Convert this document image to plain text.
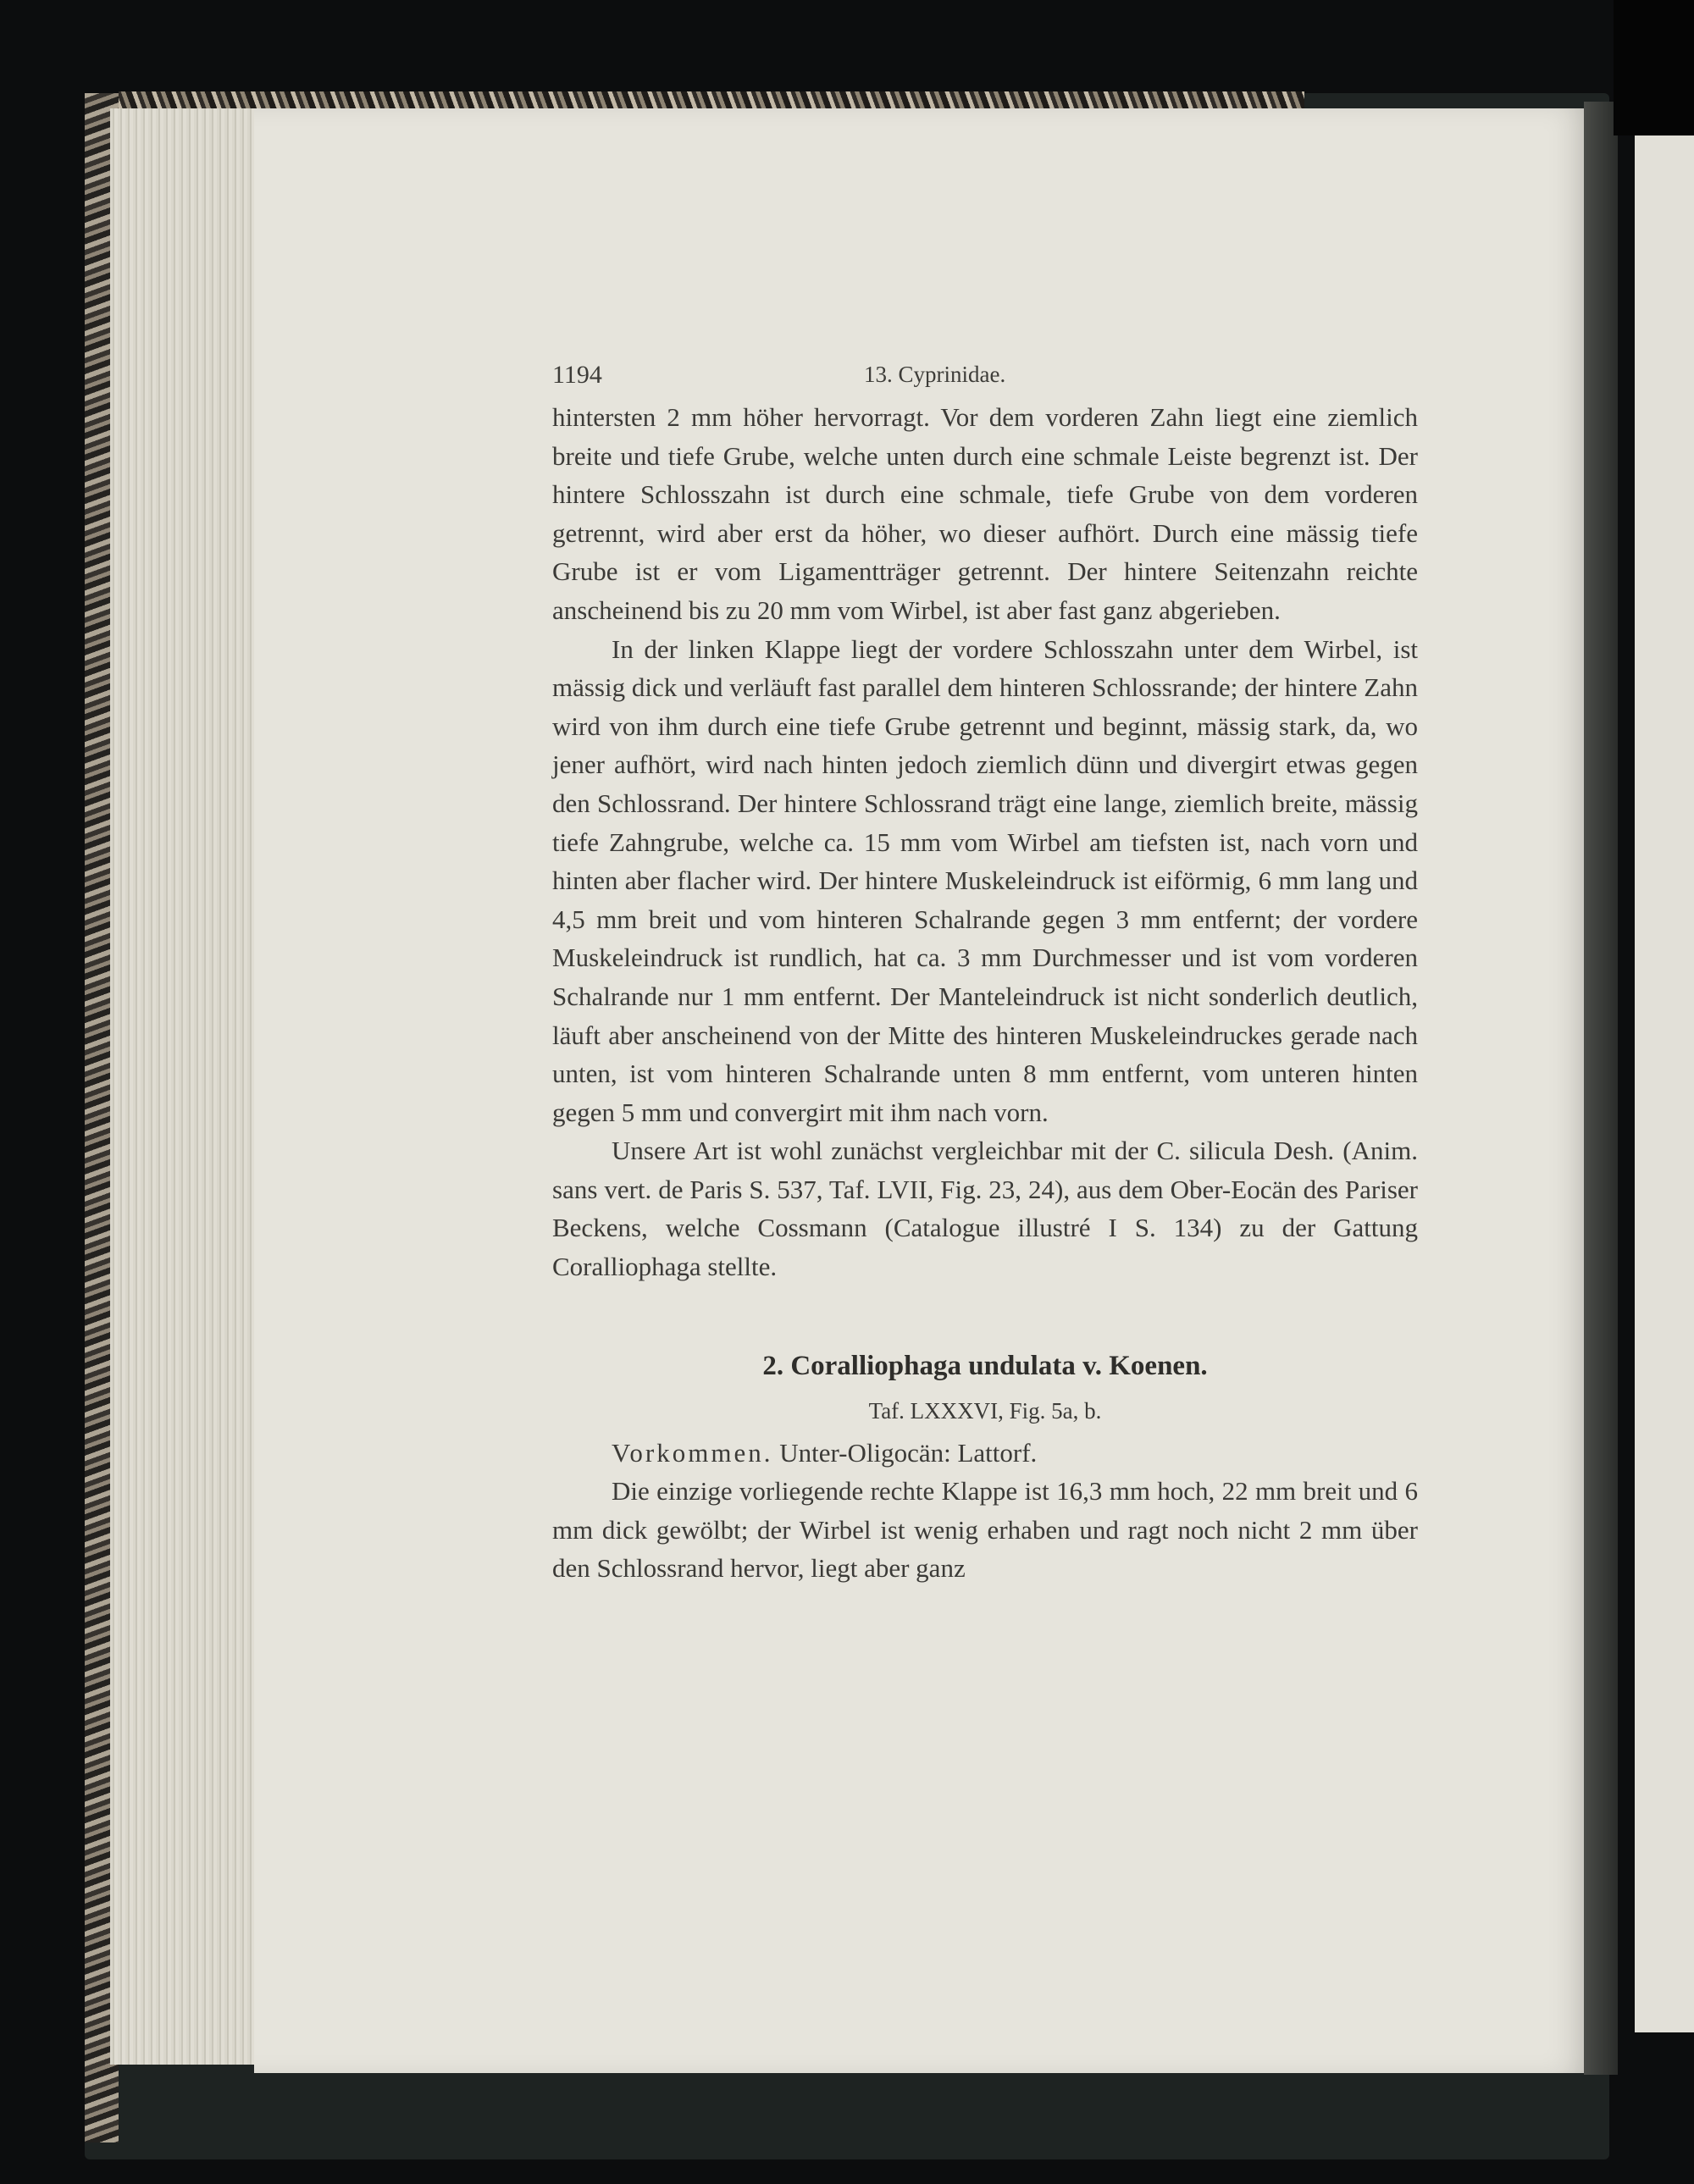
1194	13. Cyprinidae.

hintersten 2 mm höher hervorragt. Vor dem vorderen Zahn liegt eine ziemlich breite und tiefe Grube, welche unten durch eine schmale Leiste begrenzt ist. Der hintere Schlosszahn ist durch eine schmale, tiefe Grube von dem vorderen getrennt, wird aber erst da höher, wo dieser aufhört. Durch eine mässig tiefe Grube ist er vom Ligamentträger getrennt. Der hintere Seitenzahn reichte anscheinend bis zu 20 mm vom Wirbel, ist aber fast ganz abgerieben.

In der linken Klappe liegt der vordere Schlosszahn unter dem Wirbel, ist mässig dick und verläuft fast parallel dem hinteren Schlossrande; der hintere Zahn wird von ihm durch eine tiefe Grube getrennt und beginnt, mässig stark, da, wo jener aufhört, wird nach hinten jedoch ziemlich dünn und divergirt etwas gegen den Schlossrand. Der hintere Schlossrand trägt eine lange, ziemlich breite, mässig tiefe Zahngrube, welche ca. 15 mm vom Wirbel am tiefsten ist, nach vorn und hinten aber flacher wird. Der hintere Muskeleindruck ist eiförmig, 6 mm lang und 4,5 mm breit und vom hinteren Schalrande gegen 3 mm entfernt; der vordere Muskeleindruck ist rundlich, hat ca. 3 mm Durchmesser und ist vom vorderen Schalrande nur 1 mm entfernt. Der Manteleindruck ist nicht sonderlich deutlich, läuft aber anscheinend von der Mitte des hinteren Muskeleindruckes gerade nach unten, ist vom hinteren Schalrande unten 8 mm entfernt, vom unteren hinten gegen 5 mm und convergirt mit ihm nach vorn.

Unsere Art ist wohl zunächst vergleichbar mit der C. silicula Desh. (Anim. sans vert. de Paris S. 537, Taf. LVII, Fig. 23, 24), aus dem Ober-Eocän des Pariser Beckens, welche Cossmann (Catalogue illustré I S. 134) zu der Gattung Coralliophaga stellte.

2. Coralliophaga undulata v. Koenen.
Taf. LXXXVI, Fig. 5a, b.

Vorkommen. Unter-Oligocän: Lattorf.

Die einzige vorliegende rechte Klappe ist 16,3 mm hoch, 22 mm breit und 6 mm dick gewölbt; der Wirbel ist wenig erhaben und ragt noch nicht 2 mm über den Schlossrand hervor, liegt aber ganz
